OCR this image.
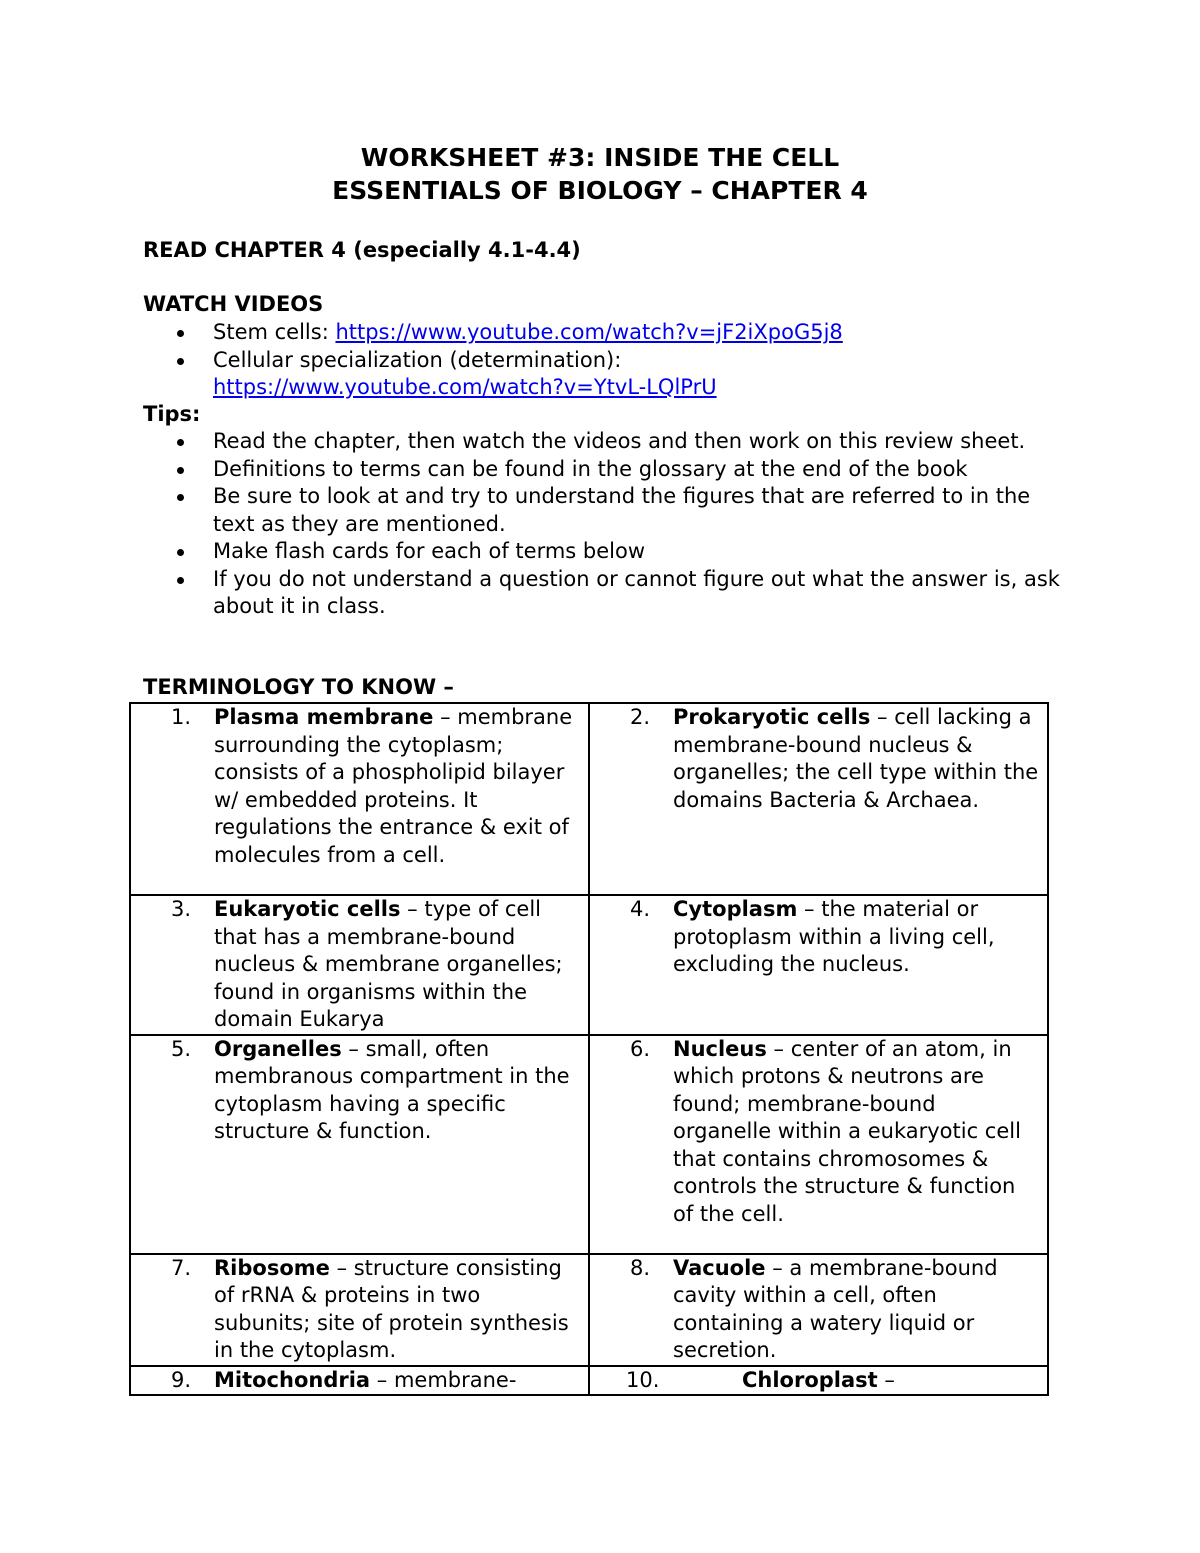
WORKSHEET #3: INSIDE THE CELL
ESSENTIALS OF BIOLOGY – CHAPTER 4
READ CHAPTER 4 (especially 4.1-4.4)
WATCH VIDEOS
Stem cells: https://www.youtube.com/watch?v=jF2iXpoG5j8
Cellular specialization (determination):
https://www.youtube.com/watch?v=YtvL-LQlPrU
Tips:
Read the chapter, then watch the videos and then work on this review sheet.
Definitions to terms can be found in the glossary at the end of the book
Be sure to look at and try to understand the figures that are referred to in the text as they are mentioned.
Make flash cards for each of terms below
If you do not understand a question or cannot figure out what the answer is, ask about it in class.
TERMINOLOGY TO KNOW –
1. Plasma membrane – membrane surrounding the cytoplasm; consists of a phospholipid bilayer w/ embedded proteins. It regulations the entrance & exit of molecules from a cell.	2. Prokaryotic cells – cell lacking a membrane-bound nucleus & organelles; the cell type within the domains Bacteria & Archaea.

3. Eukaryotic cells – type of cell that has a membrane-bound nucleus & membrane organelles; found in organisms within the domain Eukarya	4. Cytoplasm – the material or protoplasm within a living cell, excluding the nucleus.

5. Organelles – small, often membranous compartment in the cytoplasm having a specific structure & function.	6. Nucleus – center of an atom, in which protons & neutrons are found; membrane-bound organelle within a eukaryotic cell that contains chromosomes & controls the structure & function of the cell.

7. Ribosome – structure consisting of rRNA & proteins in two subunits; site of protein synthesis in the cytoplasm.	8. Vacuole – a membrane-bound cavity within a cell, often containing a watery liquid or secretion.

9. Mitochondria – membrane-	10. Chloroplast –
